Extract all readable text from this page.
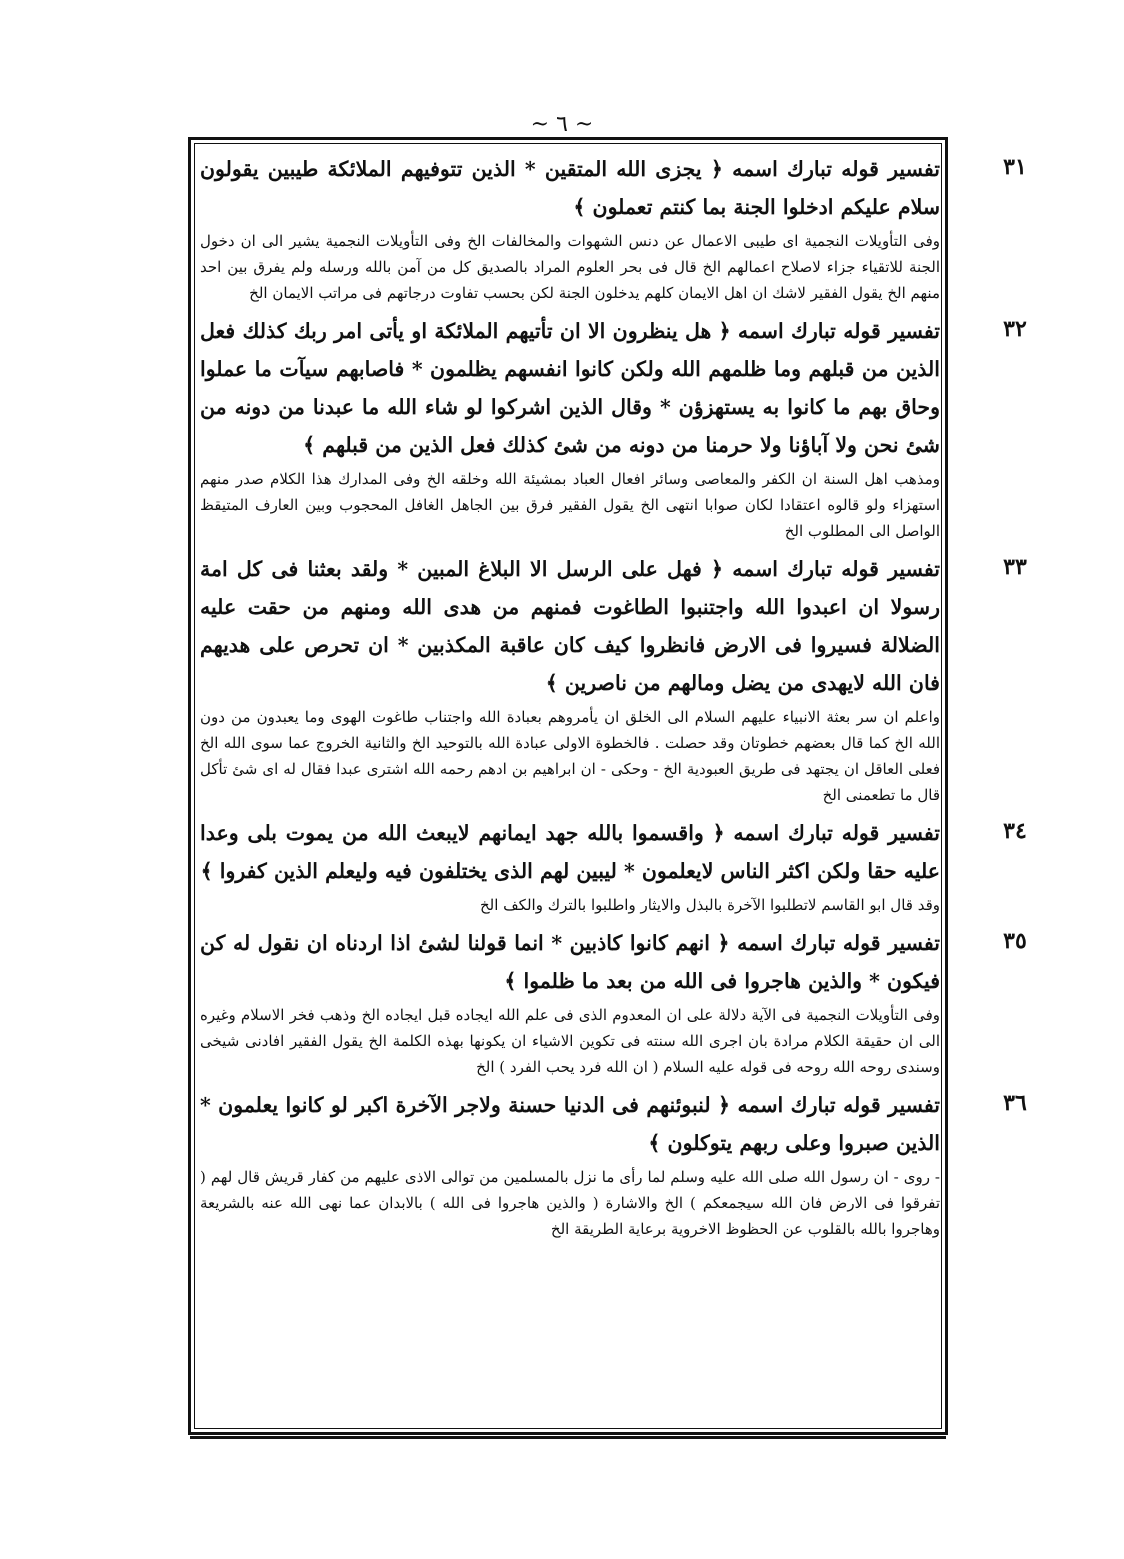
~ ٦ ~
٣١

تفسير قوله تبارك اسمه ﴿ يجزى الله المتقين * الذين تتوفيهم الملائكة طيبين يقولون سلام عليكم ادخلوا الجنة بما كنتم تعملون ﴾

وفى التأويلات النجمية اى طيبى الاعمال عن دنس الشهوات والمخالفات الخ وفى التأويلات النجمية يشير الى ان دخول الجنة للاتقياء جزاء لاصلاح اعمالهم الخ قال فى بحر العلوم المراد بالصديق كل من آمن بالله ورسله ولم يفرق بين احد منهم الخ يقول الفقير لاشك ان اهل الايمان كلهم يدخلون الجنة لكن بحسب تفاوت درجاتهم فى مراتب الايمان الخ

٣٢

تفسير قوله تبارك اسمه ﴿ هل ينظرون الا ان تأتيهم الملائكة او يأتى امر ربك كذلك فعل الذين من قبلهم وما ظلمهم الله ولكن كانوا انفسهم يظلمون * فاصابهم سيآت ما عملوا وحاق بهم ما كانوا به يستهزؤن * وقال الذين اشركوا لو شاء الله ما عبدنا من دونه من شئ نحن ولا آباؤنا ولا حرمنا من دونه من شئ كذلك فعل الذين من قبلهم ﴾

ومذهب اهل السنة ان الكفر والمعاصى وسائر افعال العباد بمشيئة الله وخلقه الخ وفى المدارك هذا الكلام صدر منهم استهزاء ولو قالوه اعتقادا لكان صوابا انتهى الخ يقول الفقير فرق بين الجاهل الغافل المحجوب وبين العارف المتيقظ الواصل الى المطلوب الخ

٣٣

تفسير قوله تبارك اسمه ﴿ فهل على الرسل الا البلاغ المبين * ولقد بعثنا فى كل امة رسولا ان اعبدوا الله واجتنبوا الطاغوت فمنهم من هدى الله ومنهم من حقت عليه الضلالة فسيروا فى الارض فانظروا كيف كان عاقبة المكذبين * ان تحرص على هديهم فان الله لايهدى من يضل ومالهم من ناصرين ﴾

واعلم ان سر بعثة الانبياء عليهم السلام الى الخلق ان يأمروهم بعبادة الله واجتناب طاغوت الهوى وما يعبدون من دون الله الخ كما قال بعضهم خطوتان وقد حصلت . فالخطوة الاولى عبادة الله بالتوحيد الخ والثانية الخروج عما سوى الله الخ فعلى العاقل ان يجتهد فى طريق العبودية الخ - وحكى - ان ابراهيم بن ادهم رحمه الله اشترى عبدا فقال له اى شئ تأكل قال ما تطعمنى الخ

٣٤

تفسير قوله تبارك اسمه ﴿ واقسموا بالله جهد ايمانهم لايبعث الله من يموت بلى وعدا عليه حقا ولكن اكثر الناس لايعلمون * ليبين لهم الذى يختلفون فيه وليعلم الذين كفروا ﴾

وقد قال ابو القاسم لاتطلبوا الآخرة بالبذل والايثار واطلبوا بالترك والكف الخ

٣٥

تفسير قوله تبارك اسمه ﴿ انهم كانوا كاذبين * انما قولنا لشئ اذا اردناه ان نقول له كن فيكون * والذين هاجروا فى الله من بعد ما ظلموا ﴾

وفى التأويلات النجمية فى الآية دلالة على ان المعدوم الذى فى علم الله ايجاده قبل ايجاده الخ وذهب فخر الاسلام وغيره الى ان حقيقة الكلام مرادة بان اجرى الله سنته فى تكوين الاشياء ان يكونها بهذه الكلمة الخ يقول الفقير افادنى شيخى وسندى روحه الله روحه فى قوله عليه السلام ( ان الله فرد يحب الفرد ) الخ

٣٦

تفسير قوله تبارك اسمه ﴿ لنبوئنهم فى الدنيا حسنة ولاجر الآخرة اكبر لو كانوا يعلمون * الذين صبروا وعلى ربهم يتوكلون ﴾

- روى - ان رسول الله صلى الله عليه وسلم لما رأى ما نزل بالمسلمين من توالى الاذى عليهم من كفار قريش قال لهم ( تفرقوا فى الارض فان الله سيجمعكم ) الخ والاشارة ( والذين هاجروا فى الله ) بالابدان عما نهى الله عنه بالشريعة وهاجروا بالله بالقلوب عن الحظوظ الاخروية برعاية الطريقة الخ
